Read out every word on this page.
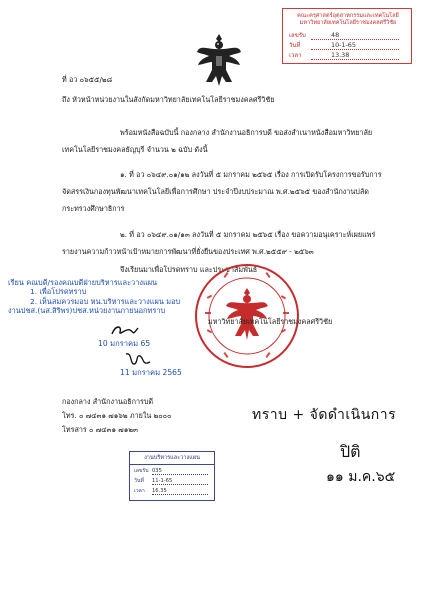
คณะครุศาสตร์อุตสาหกรรมและเทคโนโลยี
มหาวิทยาลัยเทคโนโลยีราชมงคลศรีวิชัย
เลขรับ	48
วันที่	10-1-65
เวลา	13.38
ที่ อว ๐๖๕๕/๒๘
ถึง หัวหน้าหน่วยงานในสังกัดมหาวิทยาลัยเทคโนโลยีราชมงคลศรีวิชัย
พร้อมหนังสือฉบับนี้ กองกลาง สำนักงานอธิการบดี ขอส่งสำเนาหนังสือมหาวิทยาลัยเทคโนโลยีราชมงคลธัญบุรี จำนวน ๒ ฉบับ ดังนี้
๑. ที่ อว ๐๖๔๙.๐๑/๑๒ ลงวันที่ ๕ มกราคม ๒๕๖๕ เรื่อง การเปิดรับโครงการขอรับการจัดสรรเงินกองทุนพัฒนาเทคโนโลยีเพื่อการศึกษา ประจำปีงบประมาณ พ.ศ.๒๕๖๕ ของสำนักงานปลัดกระทรวงศึกษาธิการ
๒. ที่ อว ๐๖๔๙.๐๑/๑๓ ลงวันที่ ๕ มกราคม ๒๕๖๕ เรื่อง ขอความอนุเคราะห์เผยแพร่รายงานความก้าวหน้าเป้าหมายการพัฒนาที่ยั่งยืนของประเทศ พ.ศ.๒๕๕๙ - ๒๕๖๓
จึงเรียนมาเพื่อโปรดทราบ และประชาสัมพันธ์
เรียน คณบดี/รองคณบดีฝ่ายบริหารและวางแผน
1. เพื่อโปรดทราบ
2. เห็นสมควรมอบ หน.บริหารและวางแผน มอบ
งานปชส.(นส.สิริพร)ปชส.หน่วยงานภายนอกทราบ
มหาวิทยาลัยเทคโนโลยีราชมงคลศรีวิชัย
10 มกราคม 65
11 มกราคม 2565
กองกลาง สำนักงานอธิการบดี
โทร. ๐ ๗๔๓๑ ๗๑๖๒ ภายใน ๒๐๐๐
โทรสาร ๐ ๗๔๓๑ ๗๑๒๓
ทราบ + จัดดำเนินการ
ปิติ
๑๑ ม.ค.๖๕
งานบริหารและวางแผน
เลขรับ 035
วันที่ 11-1-65
เวลา 16.35
